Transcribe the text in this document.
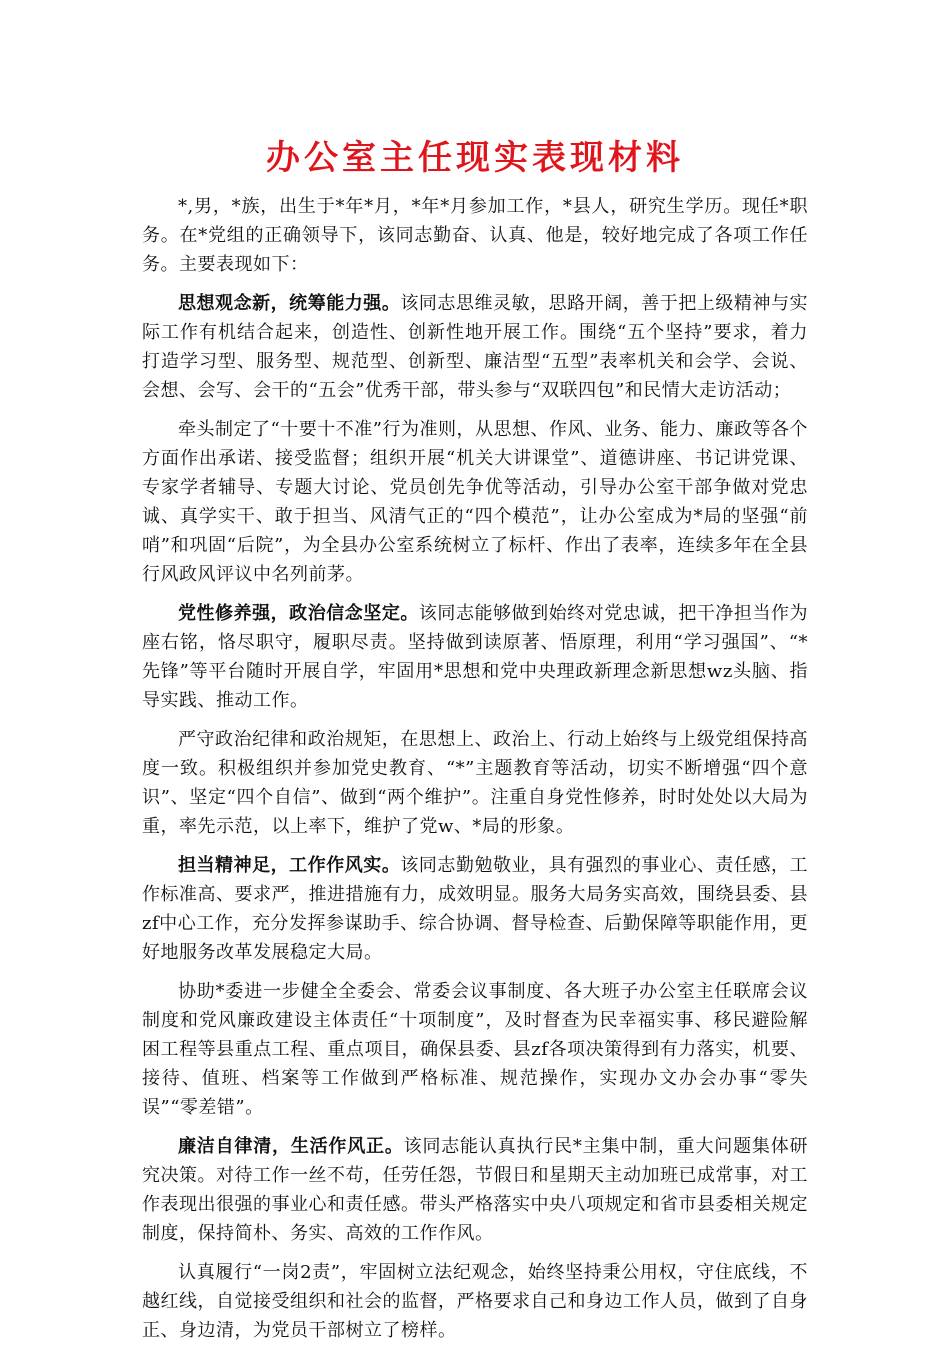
办公室主任现实表现材料

*,男，*族，出生于*年*月，*年*月参加工作，*县人，研究生学历。现任*职务。在*党组的正确领导下，该同志勤奋、认真、他是，较好地完成了各项工作任务。主要表现如下：

思想观念新，统筹能力强。该同志思维灵敏，思路开阔，善于把上级精神与实际工作有机结合起来，创造性、创新性地开展工作。围绕“五个坚持”要求，着力打造学习型、服务型、规范型、创新型、廉洁型“五型”表率机关和会学、会说、会想、会写、会干的“五会”优秀干部，带头参与“双联四包”和民情大走访活动；

牵头制定了“十要十不准”行为准则，从思想、作风、业务、能力、廉政等各个方面作出承诺、接受监督；组织开展“机关大讲课堂”、道德讲座、书记讲党课、专家学者辅导、专题大讨论、党员创先争优等活动，引导办公室干部争做对党忠诚、真学实干、敢于担当、风清气正的“四个模范”，让办公室成为*局的坚强“前哨”和巩固“后院”，为全县办公室系统树立了标杆、作出了表率，连续多年在全县行风政风评议中名列前茅。

党性修养强，政治信念坚定。该同志能够做到始终对党忠诚，把干净担当作为座右铭，恪尽职守，履职尽责。坚持做到读原著、悟原理，利用“学习强国”、“*先锋”等平台随时开展自学，牢固用*思想和党中央理政新理念新思想wz头脑、指导实践、推动工作。

严守政治纪律和政治规矩，在思想上、政治上、行动上始终与上级党组保持高度一致。积极组织并参加党史教育、“*”主题教育等活动，切实不断增强“四个意识”、坚定“四个自信”、做到“两个维护”。注重自身党性修养，时时处处以大局为重，率先示范，以上率下，维护了党w、*局的形象。

担当精神足，工作作风实。该同志勤勉敬业，具有强烈的事业心、责任感，工作标准高、要求严，推进措施有力，成效明显。服务大局务实高效，围绕县委、县zf中心工作，充分发挥参谋助手、综合协调、督导检查、后勤保障等职能作用，更好地服务改革发展稳定大局。

协助*委进一步健全全委会、常委会议事制度、各大班子办公室主任联席会议制度和党风廉政建设主体责任“十项制度”，及时督查为民幸福实事、移民避险解困工程等县重点工程、重点项目，确保县委、县zf各项决策得到有力落实，机要、接待、值班、档案等工作做到严格标准、规范操作，实现办文办会办事“零失误”“零差错”。

廉洁自律清，生活作风正。该同志能认真执行民*主集中制，重大问题集体研究决策。对待工作一丝不苟，任劳任怨，节假日和星期天主动加班已成常事，对工作表现出很强的事业心和责任感。带头严格落实中央八项规定和省市县委相关规定制度，保持简朴、务实、高效的工作作风。

认真履行“一岗2责”，牢固树立法纪观念，始终坚持秉公用权，守住底线，不越红线，自觉接受组织和社会的监督，严格要求自己和身边工作人员，做到了自身正、身边清，为党员干部树立了榜样。
